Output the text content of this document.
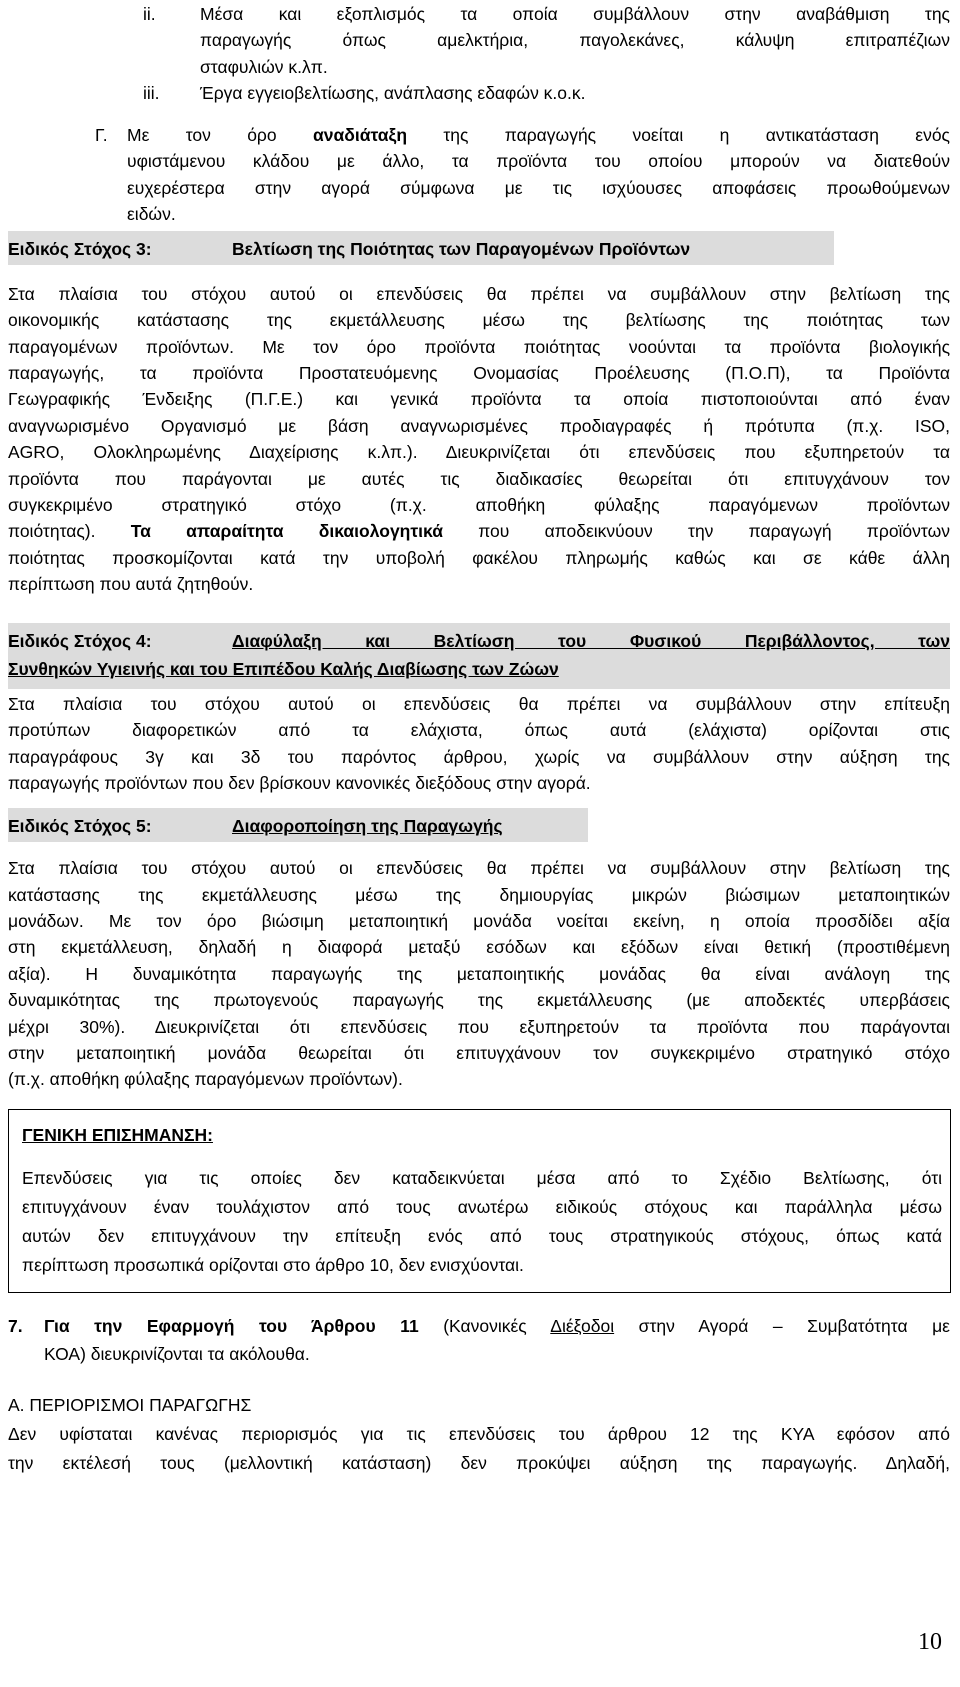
ii.	Μέσα και εξοπλισμός τα οποία συμβάλλουν στην αναβάθμιση της
παραγωγής όπως αμελκτήρια, παγολεκάνες, κάλυψη επιτραπέζιων
σταφυλιών κ.λπ.
iii. Έργα εγγειοβελτίωσης, ανάπλασης εδαφών κ.ο.κ.
Γ. Με τον όρο αναδιάταξη της παραγωγής νοείται η αντικατάσταση ενός
υφιστάμενου κλάδου με άλλο, τα προϊόντα του οποίου μπορούν να διατεθούν
ευχερέστερα στην αγορά σύμφωνα με τις ισχύουσες αποφάσεις προωθούμενων
ειδών.
Ειδικός Στόχος 3:	Βελτίωση της Ποιότητας των Παραγομένων Προϊόντων
Στα πλαίσια του στόχου αυτού οι επενδύσεις θα πρέπει να συμβάλλουν στην βελτίωση της
οικονομικής κατάστασης της εκμετάλλευσης μέσω της βελτίωσης της ποιότητας των
παραγομένων προϊόντων. Με τον όρο προϊόντα ποιότητας νοούνται τα προϊόντα βιολογικής
παραγωγής, τα προϊόντα Προστατευόμενης Ονομασίας Προέλευσης (Π.Ο.Π), τα Προϊόντα
Γεωγραφικής Ένδειξης (Π.Γ.Ε.) και γενικά προϊόντα τα οποία πιστοποιούνται από έναν
αναγνωρισμένο Οργανισμό με βάση αναγνωρισμένες προδιαγραφές ή πρότυπα (π.χ. ISO,
AGRO, Ολοκληρωμένης Διαχείρισης κ.λπ.). Διευκρινίζεται ότι επενδύσεις που εξυπηρετούν τα
προϊόντα που παράγονται με αυτές τις διαδικασίες θεωρείται ότι επιτυγχάνουν τον
συγκεκριμένο στρατηγικό στόχο (π.χ. αποθήκη φύλαξης παραγόμενων προϊόντων
ποιότητας). Τα απαραίτητα δικαιολογητικά που αποδεικνύουν την παραγωγή προϊόντων
ποιότητας προσκομίζονται κατά την υποβολή φακέλου πληρωμής καθώς και σε κάθε άλλη
περίπτωση που αυτά ζητηθούν.
Ειδικός Στόχος 4:	Διαφύλαξη και Βελτίωση του Φυσικού Περιβάλλοντος, των
Συνθηκών Υγιεινής και του Επιπέδου Καλής Διαβίωσης των Ζώων
Στα πλαίσια του στόχου αυτού οι επενδύσεις θα πρέπει να συμβάλλουν στην επίτευξη
προτύπων διαφορετικών από τα ελάχιστα, όπως αυτά (ελάχιστα) ορίζονται στις
παραγράφους 3γ και 3δ του παρόντος άρθρου, χωρίς να συμβάλλουν στην αύξηση της
παραγωγής προϊόντων που δεν βρίσκουν κανονικές διεξόδους στην αγορά.
Ειδικός Στόχος 5:	Διαφοροποίηση της Παραγωγής
Στα πλαίσια του στόχου αυτού οι επενδύσεις θα πρέπει να συμβάλλουν στην βελτίωση της
κατάστασης της εκμετάλλευσης μέσω της δημιουργίας μικρών βιώσιμων μεταποιητικών
μονάδων. Με τον όρο βιώσιμη μεταποιητική μονάδα νοείται εκείνη, η οποία προσδίδει αξία
στη εκμετάλλευση, δηλαδή η διαφορά μεταξύ εσόδων και εξόδων είναι θετική (προστιθέμενη
αξία). Η δυναμικότητα παραγωγής της μεταποιητικής μονάδας θα είναι ανάλογη της
δυναμικότητας της πρωτογενούς παραγωγής της εκμετάλλευσης (με αποδεκτές υπερβάσεις
μέχρι 30%). Διευκρινίζεται ότι επενδύσεις που εξυπηρετούν τα προϊόντα που παράγονται
στην μεταποιητική μονάδα θεωρείται ότι επιτυγχάνουν τον συγκεκριμένο στρατηγικό στόχο
(π.χ. αποθήκη φύλαξης παραγόμενων προϊόντων).
ΓΕΝΙΚΗ ΕΠΙΣΗΜΑΝΣΗ:
Επενδύσεις για τις οποίες δεν καταδεικνύεται μέσα από το Σχέδιο Βελτίωσης, ότι
επιτυγχάνουν έναν τουλάχιστον από τους ανωτέρω ειδικούς στόχους και παράλληλα μέσω
αυτών δεν επιτυγχάνουν την επίτευξη ενός από τους στρατηγικούς στόχους, όπως κατά
περίπτωση προσωπικά ορίζονται στο άρθρο 10, δεν ενισχύονται.
7. Για την Εφαρμογή του Άρθρου 11 (Κανονικές Διέξοδοι στην Αγορά – Συμβατότητα με
ΚΟΑ) διευκρινίζονται τα ακόλουθα.
Α. ΠΕΡΙΟΡΙΣΜΟΙ ΠΑΡΑΓΩΓΗΣ
Δεν υφίσταται κανένας περιορισμός για τις επενδύσεις του άρθρου 12 της ΚΥΑ εφόσον από
την εκτέλεσή τους (μελλοντική κατάσταση) δεν προκύψει αύξηση της παραγωγής. Δηλαδή,
10
